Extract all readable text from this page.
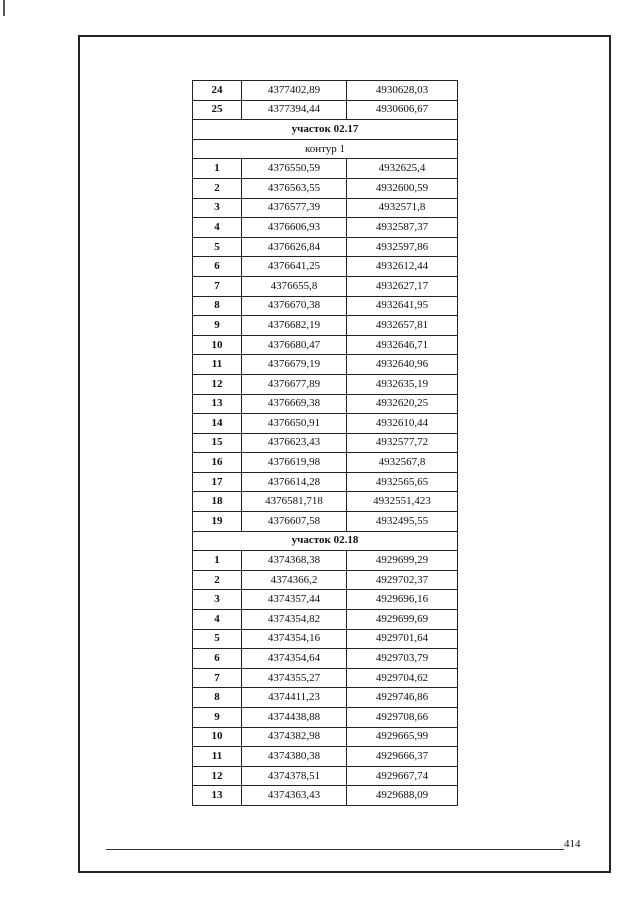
24	4377402,89	4930628,03
25	4377394,44	4930606,67
участок 02.17		
контур 1		
1	4376550,59	4932625,4
2	4376563,55	4932600,59
3	4376577,39	4932571,8
4	4376606,93	4932587,37
5	4376626,84	4932597,86
6	4376641,25	4932612,44
7	4376655,8	4932627,17
8	4376670,38	4932641,95
9	4376682,19	4932657,81
10	4376680,47	4932646,71
11	4376679,19	4932640,96
12	4376677,89	4932635,19
13	4376669,38	4932620,25
14	4376650,91	4932610,44
15	4376623,43	4932577,72
16	4376619,98	4932567,8
17	4376614,28	4932565,65
18	4376581,718	4932551,423
19	4376607,58	4932495,55
участок 02.18		
1	4374368,38	4929699,29
2	4374366,2	4929702,37
3	4374357,44	4929696,16
4	4374354,82	4929699,69
5	4374354,16	4929701,64
6	4374354,64	4929703,79
7	4374355,27	4929704,62
8	4374411,23	4929746,86
9	4374438,88	4929708,66
10	4374382,98	4929665,99
11	4374380,38	4929666,37
12	4374378,51	4929667,74
13	4374363,43	4929688,09
414
